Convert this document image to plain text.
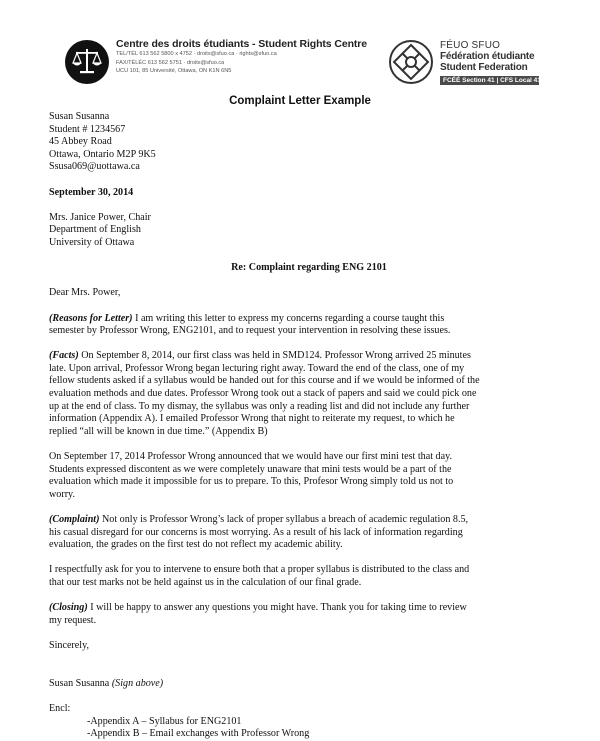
Centre des droits étudiants - Student Rights Centre
TEL/TÉL 613 562 5800 x 4752 · droits@sfuo.ca · rights@sfuo.ca
FAX/TÉLÉC 613 562 5751 · droits@sfuo.ca
UCU 101, 85 Université, Ottawa, ON K1N 6N5
FÉUO SFUO
Fédération étudiante
Student Federation
FCÉÉ Section 41 | CFS Local 41
Complaint Letter Example

Susan Susanna

Student # 1234567

45 Abbey Road

Ottawa, Ontario M2P 9K5

Ssusa069@uottawa.ca

September 30, 2014

Mrs. Janice Power, Chair

Department of English

University of Ottawa

Re: Complaint regarding ENG 2101

Dear Mrs. Power,

(Reasons for Letter) I am writing this letter to express my concerns regarding a course taught this

semester by Professor Wrong, ENG2101, and to request your intervention in resolving these issues.

(Facts) On September 8, 2014, our first class was held in SMD124. Professor Wrong arrived 25 minutes

late. Upon arrival, Professor Wrong began lecturing right away. Toward the end of the class, one of my

fellow students asked if a syllabus would be handed out for this course and if we would be informed of the

evaluation methods and due dates. Professor Wrong took out a stack of papers and said we could pick one

up at the end of class. To my dismay, the syllabus was only a reading list and did not include any further

information (Appendix A). I emailed Professor Wrong that night to reiterate my request, to which he

replied “all will be known in due time.” (Appendix B)

On September 17, 2014 Professor Wrong announced that we would have our first mini test that day.

Students expressed discontent as we were completely unaware that mini tests would be a part of the

evaluation which made it impossible for us to prepare. To this, Profesor Wrong simply told us not to

worry.

(Complaint) Not only is Professor Wrong’s lack of proper syllabus a breach of academic regulation 8.5,

his casual disregard for our concerns is most worrying. As a result of his lack of information regarding

evaluation, the grades on the first test do not reflect my academic ability.

I respectfully ask for you to intervene to ensure both that a proper syllabus is distributed to the class and

that our test marks not be held against us in the calculation of our final grade.

(Closing) I will be happy to answer any questions you might have. Thank you for taking time to review

my request.

Sincerely,

Susan Susanna (Sign above)

Encl:

-Appendix A – Syllabus for ENG2101

-Appendix B – Email exchanges with Professor Wrong
